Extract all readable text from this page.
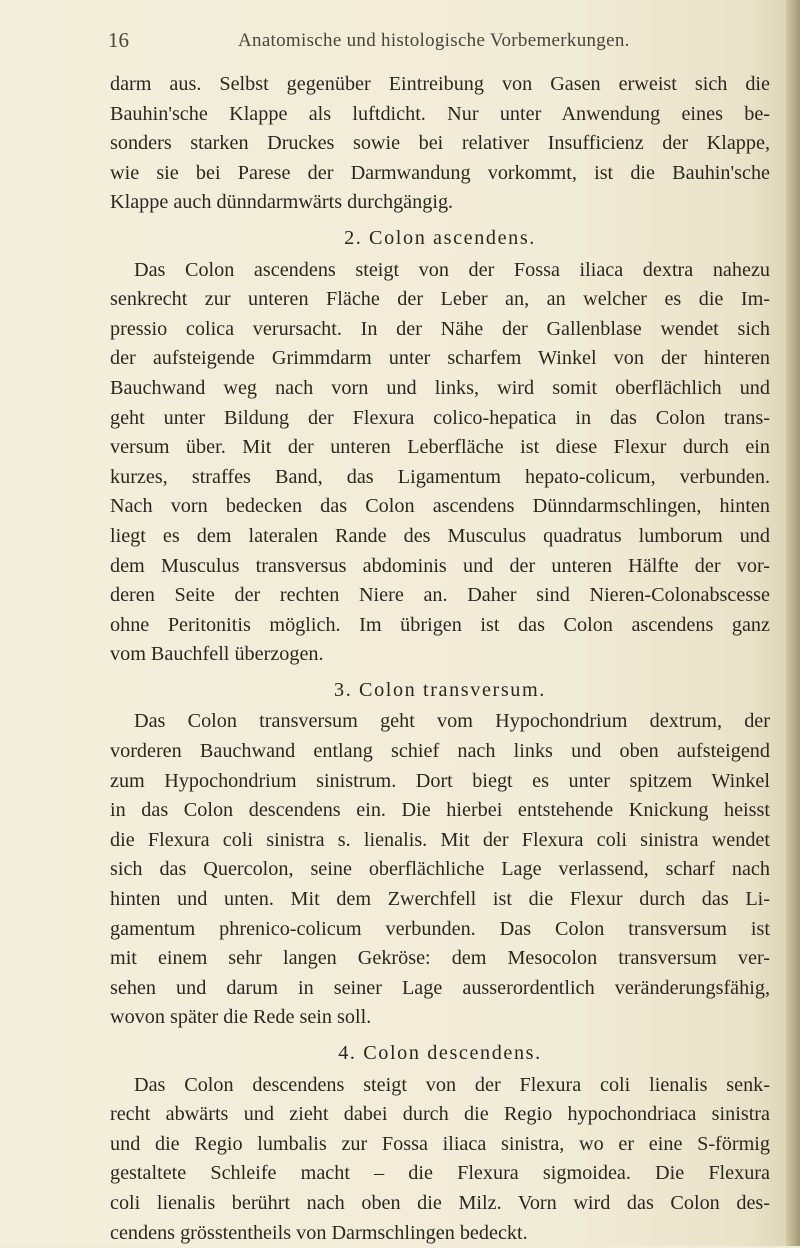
16	Anatomische und histologische Vorbemerkungen.
darm aus. Selbst gegenüber Eintreibung von Gasen erweist sich die
Bauhin'sche Klappe als luftdicht. Nur unter Anwendung eines be-
sonders starken Druckes sowie bei relativer Insufficienz der Klappe,
wie sie bei Parese der Darmwandung vorkommt, ist die Bauhin'sche
Klappe auch dünndarmwärts durchgängig.
2. Colon ascendens.
Das Colon ascendens steigt von der Fossa iliaca dextra nahezu
senkrecht zur unteren Fläche der Leber an, an welcher es die Im-
pressio colica verursacht. In der Nähe der Gallenblase wendet sich
der aufsteigende Grimmdarm unter scharfem Winkel von der hinteren
Bauchwand weg nach vorn und links, wird somit oberflächlich und
geht unter Bildung der Flexura colico-hepatica in das Colon trans-
versum über. Mit der unteren Leberfläche ist diese Flexur durch ein
kurzes, straffes Band, das Ligamentum hepato-colicum, verbunden.
Nach vorn bedecken das Colon ascendens Dünndarmschlingen, hinten
liegt es dem lateralen Rande des Musculus quadratus lumborum und
dem Musculus transversus abdominis und der unteren Hälfte der vor-
deren Seite der rechten Niere an. Daher sind Nieren-Colonabscesse
ohne Peritonitis möglich. Im übrigen ist das Colon ascendens ganz
vom Bauchfell überzogen.
3. Colon transversum.
Das Colon transversum geht vom Hypochondrium dextrum, der
vorderen Bauchwand entlang schief nach links und oben aufsteigend
zum Hypochondrium sinistrum. Dort biegt es unter spitzem Winkel
in das Colon descendens ein. Die hierbei entstehende Knickung heisst
die Flexura coli sinistra s. lienalis. Mit der Flexura coli sinistra wendet
sich das Quercolon, seine oberflächliche Lage verlassend, scharf nach
hinten und unten. Mit dem Zwerchfell ist die Flexur durch das Li-
gamentum phrenico-colicum verbunden. Das Colon transversum ist
mit einem sehr langen Gekröse: dem Mesocolon transversum ver-
sehen und darum in seiner Lage ausserordentlich veränderungsfähig,
wovon später die Rede sein soll.
4. Colon descendens.
Das Colon descendens steigt von der Flexura coli lienalis senk-
recht abwärts und zieht dabei durch die Regio hypochondriaca sinistra
und die Regio lumbalis zur Fossa iliaca sinistra, wo er eine S-förmig
gestaltete Schleife macht – die Flexura sigmoidea. Die Flexura
coli lienalis berührt nach oben die Milz. Vorn wird das Colon des-
cendens grösstentheils von Darmschlingen bedeckt.
